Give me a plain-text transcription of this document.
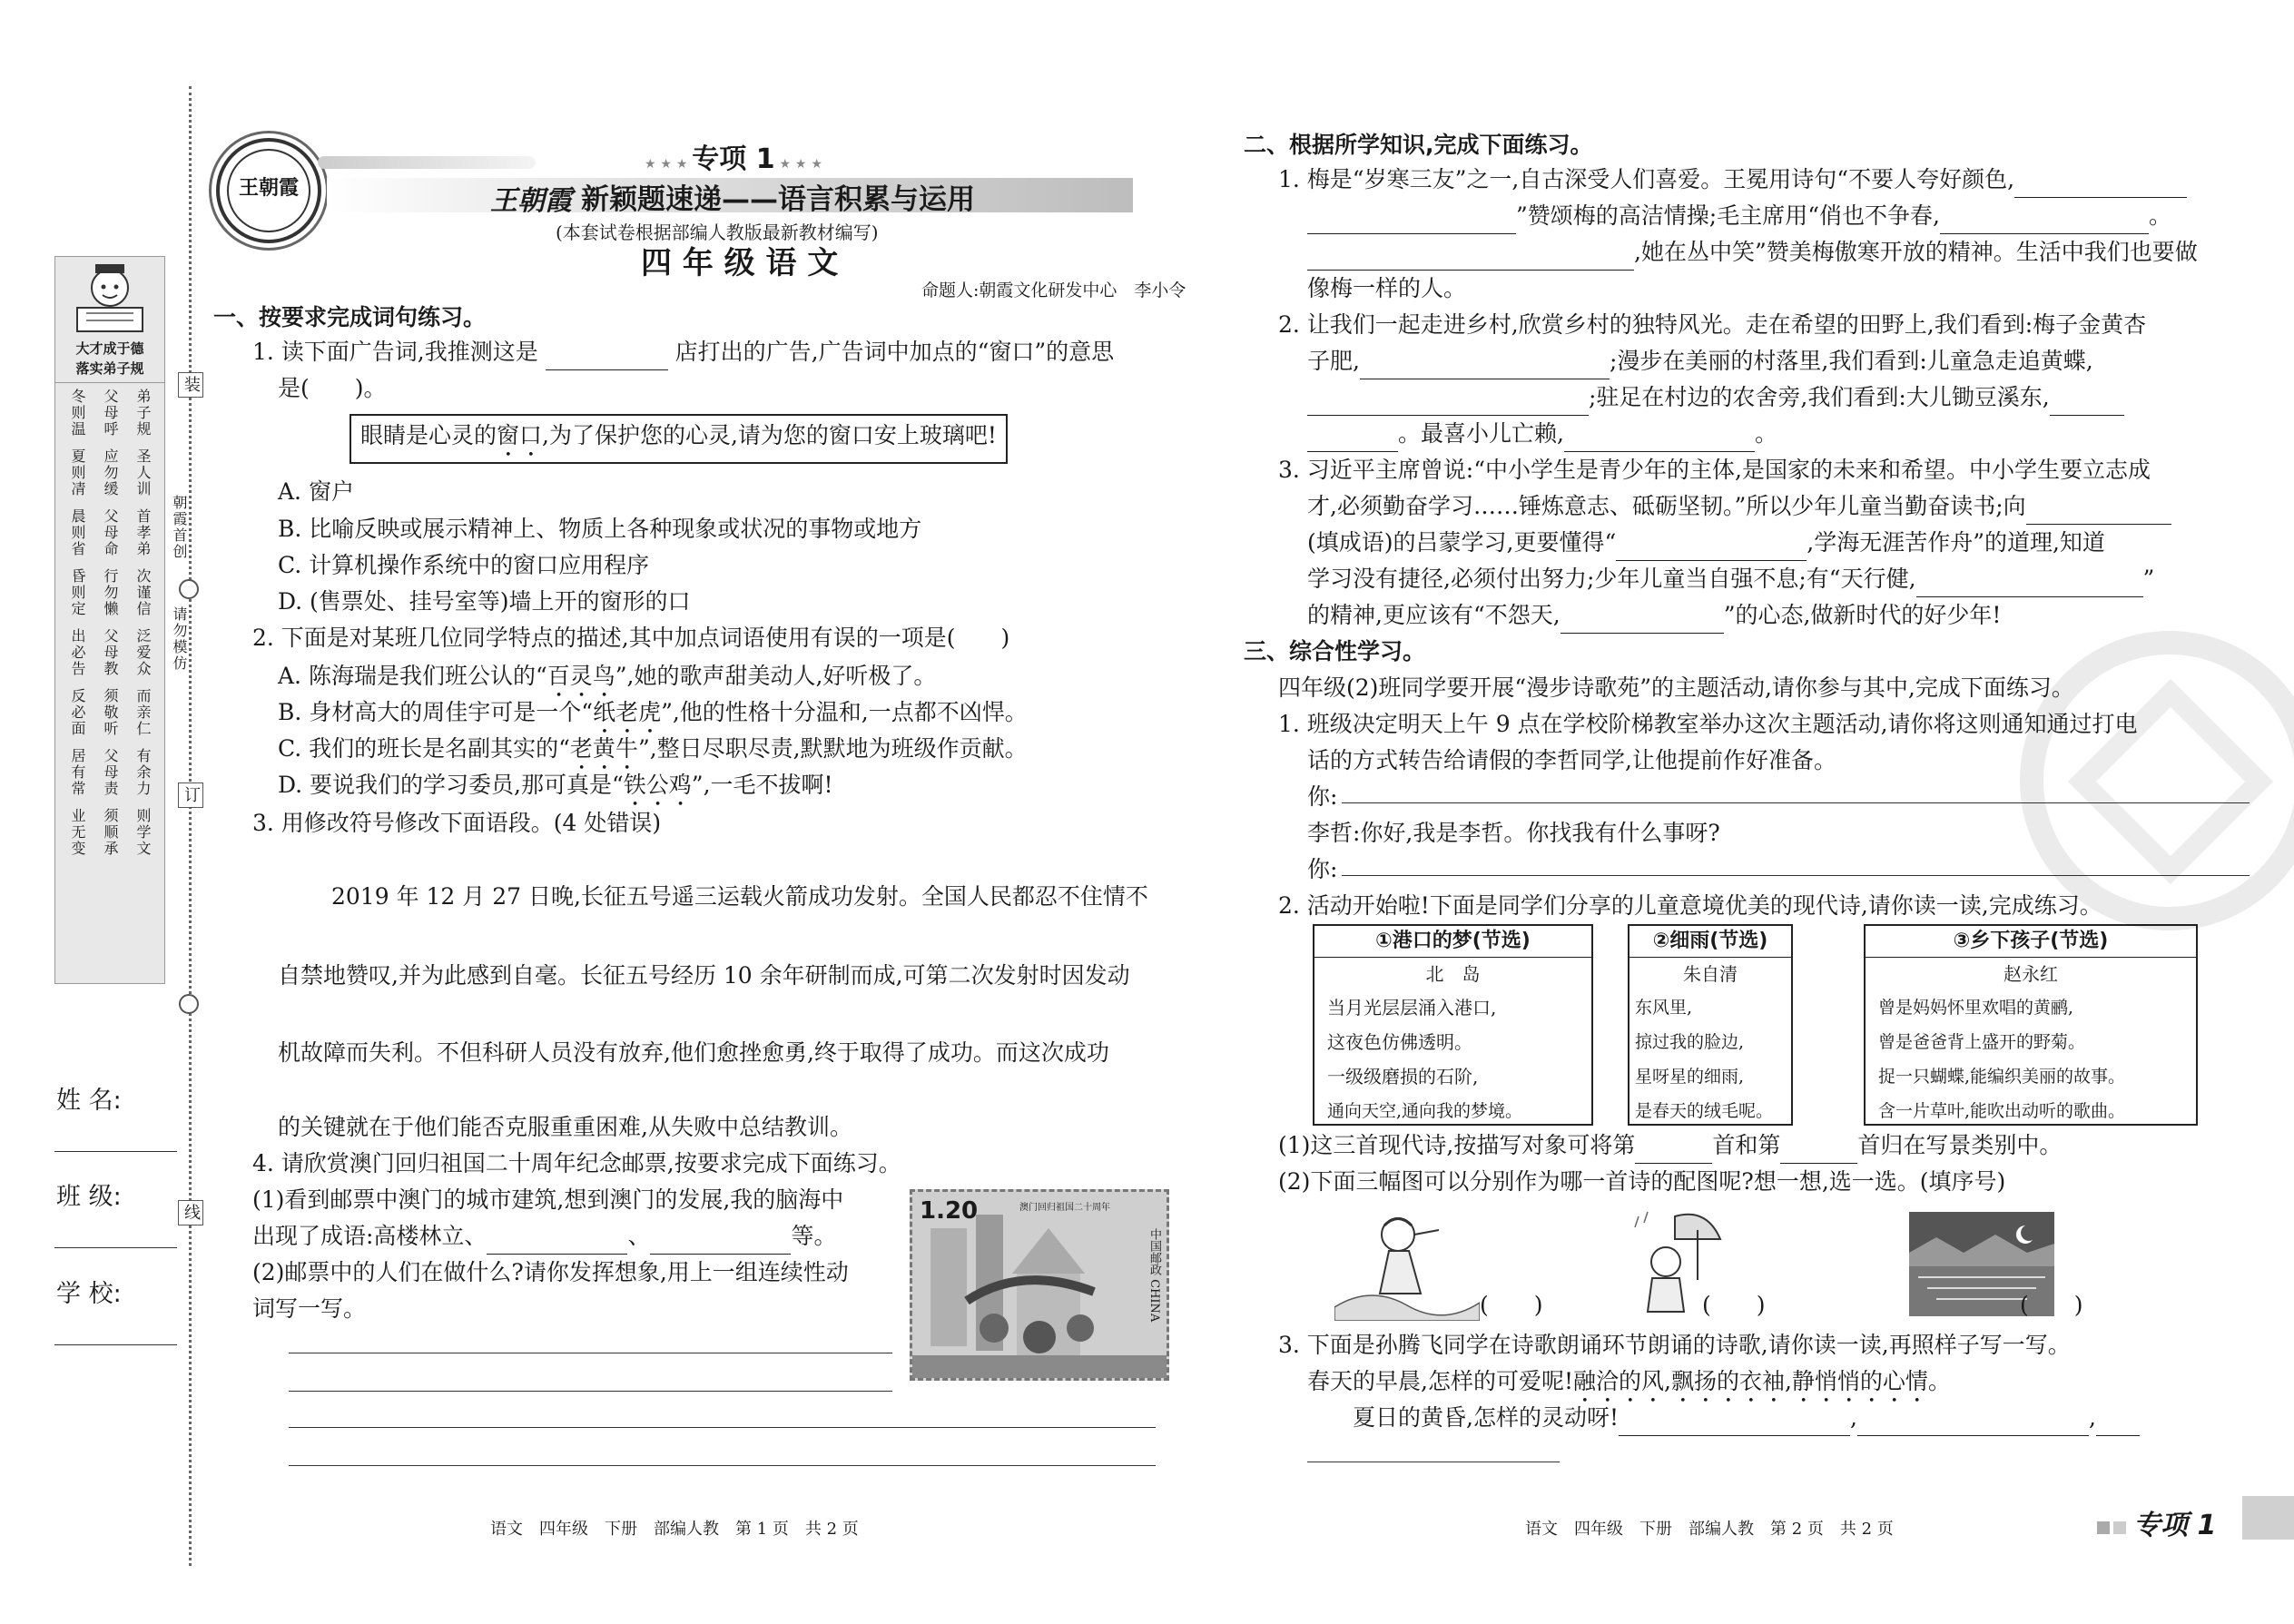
大才成于德
落实弟子规
冬则温 父母呼 弟子规
夏则凊 应勿缓 圣人训
晨则省 父母命 首孝弟
昏则定 行勿懒 次谨信
出必告 父母教 泛爱众
反必面 须敬听 而亲仁
居有常 父母责 有余力
业无变 须顺承 则学文
装
朝霞首创
请勿模仿
订
线
姓 名:
班 级:
学 校:
王朝霞
★ ★ ★ 专项 1 ★ ★ ★
王朝霞 新颖题速递——语言积累与运用
(本套试卷根据部编人教版最新教材编写)
四 年 级 语 文
命题人:朝霞文化研发中心　李小令
一、按要求完成词句练习。
1. 读下面广告词,我推测这是	店打出的广告,广告词中加点的“窗口”的意思
是(　　)。
眼睛是心灵的窗口,为了保护您的心灵,请为您的窗口安上玻璃吧!
A. 窗户
B. 比喻反映或展示精神上、物质上各种现象或状况的事物或地方
C. 计算机操作系统中的窗口应用程序
D. (售票处、挂号室等)墙上开的窗形的口
2. 下面是对某班几位同学特点的描述,其中加点词语使用有误的一项是(　　)
A. 陈海瑞是我们班公认的“百灵鸟”,她的歌声甜美动人,好听极了。
B. 身材高大的周佳宇可是一个“纸老虎”,他的性格十分温和,一点都不凶悍。
C. 我们的班长是名副其实的“老黄牛”,整日尽职尽责,默默地为班级作贡献。
D. 要说我们的学习委员,那可真是“铁公鸡”,一毛不拔啊!
3. 用修改符号修改下面语段。(4 处错误)
2019 年 12 月 27 日晚,长征五号遥三运载火箭成功发射。全国人民都忍不住情不
自禁地赞叹,并为此感到自毫。长征五号经历 10 余年研制而成,可第二次发射时因发动
机故障而失利。不但科研人员没有放弃,他们愈挫愈勇,终于取得了成功。而这次成功
的关键就在于他们能否克服重重困难,从失败中总结教训。
4. 请欣赏澳门回归祖国二十周年纪念邮票,按要求完成下面练习。
(1)看到邮票中澳门的城市建筑,想到澳门的发展,我的脑海中
出现了成语:高楼林立、	、	等。
(2)邮票中的人们在做什么?请你发挥想象,用上一组连续性动
词写一写。
1.20	澳门回归祖国二十周年
中国邮政 CHINA
语文　四年级　下册　部编人教　第 1 页　共 2 页
二、根据所学知识,完成下面练习。
1. 梅是“岁寒三友”之一,自古深受人们喜爱。王冕用诗句“不要人夸好颜色,
”赞颂梅的高洁情操;毛主席用“俏也不争春,	。
,她在丛中笑”赞美梅傲寒开放的精神。生活中我们也要做
像梅一样的人。
2. 让我们一起走进乡村,欣赏乡村的独特风光。走在希望的田野上,我们看到:梅子金黄杏
子肥,	;漫步在美丽的村落里,我们看到:儿童急走追黄蝶,
;驻足在村边的农舍旁,我们看到:大儿锄豆溪东,
。最喜小儿亡赖,	。
3. 习近平主席曾说:“中小学生是青少年的主体,是国家的未来和希望。中小学生要立志成
才,必须勤奋学习……锤炼意志、砥砺坚韧。”所以少年儿童当勤奋读书;向
(填成语)的吕蒙学习,更要懂得“	,学海无涯苦作舟”的道理,知道
学习没有捷径,必须付出努力;少年儿童当自强不息;有“天行健,	”
的精神,更应该有“不怨天,	”的心态,做新时代的好少年!
三、综合性学习。
四年级(2)班同学要开展“漫步诗歌苑”的主题活动,请你参与其中,完成下面练习。
1. 班级决定明天上午 9 点在学校阶梯教室举办这次主题活动,请你将这则通知通过打电
话的方式转告给请假的李哲同学,让他提前作好准备。
你:
李哲:你好,我是李哲。你找我有什么事呀?
你:
2. 活动开始啦!下面是同学们分享的儿童意境优美的现代诗,请你读一读,完成练习。
①港口的梦(节选)
北　岛
当月光层层涌入港口,
这夜色仿佛透明。
一级级磨损的石阶,
通向天空,通向我的梦境。
②细雨(节选)
朱自清
东风里,
掠过我的脸边,
星呀星的细雨,
是春天的绒毛呢。
③乡下孩子(节选)
赵永红
曾是妈妈怀里欢唱的黄鹂,
曾是爸爸背上盛开的野菊。
捉一只蝴蝶,能编织美丽的故事。
含一片草叶,能吹出动听的歌曲。
(1)这三首现代诗,按描写对象可将第	首和第	首归在写景类别中。
(2)下面三幅图可以分别作为哪一首诗的配图呢?想一想,选一选。(填序号)
(　　)	(　　)	(　　)
3. 下面是孙腾飞同学在诗歌朗诵环节朗诵的诗歌,请你读一读,再照样子写一写。
春天的早晨,怎样的可爱呢!融洽的风,飘扬的衣袖,静悄悄的心情。
夏日的黄昏,怎样的灵动呀!	,	,
语文　四年级　下册　部编人教　第 2 页　共 2 页	专项 1
